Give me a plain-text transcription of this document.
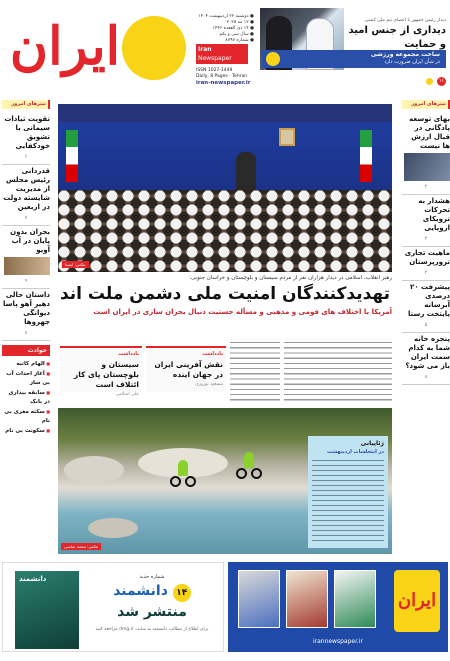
ایران	● دوشنبه ۲۲ اردیبهشت ۱۴۰۴
● ۱۲ مه ۲۰۲۵
● ۱۴ ذی القعده ۱۴۴۶
● سال سی و یکم
● شماره ۸۷۹۷
Iran
Newspaper
ISSN 1027-1449
Daily, 8 Pages · Tehran
iran-newspaper.ir
دیدار رئیس جمهور با اعضای تیم ملی کشتی
دیداری از جنس امید و حمایت
ساخت مجموعه ورزشی
در شأن ایران ضرورت دارد
۱۱
تیترهای امروز
بهای توسعه پادگانی در قبال ارزش ها نیست
۲
هشدار به تحرکات ترویکای اروپایی
۳
ماهیت تجاری ترورپرستان
۴
پیشرفت ۲۰ درصدی آبرسانه پایتخت رستا
۵
پنجره خانه شما به کدام سمت ایران باز می شود؟
۸
تیترهای امروز
تقویت تیادات سیمانی با تشویق خودکفایی
۶
قدردانی رئیس مجلس از مدیریت شایسته دولت در اربعین
۷
بحران بدون پایان در آب آویو
۹
داستان حالی دهیر آهو پاسا دیوانگی جهروها
۸
حوادث
■ الهام کاتبه
■ آغاز احداث آب بی ساز
■ سابقه بیداری در بانک
■ سکته مغزی بی نام
■ سکونت بی نام
عکس: ایسنا
رهبر انقلاب، اسلامی در دیدار هزاران نفر از مردم سیستان و بلوچستان و خراسان جنوبی:
تهدیدکنندگان امنیت ملی دشمن ملت اند
آمریکا با اختلاف های قومی و مذهبی و مسأله جستیت دنبال بحران سازی در ایران است
یادداشت
نقش آفرینی ایران در جهان اینده
مسعود نوروزی
یادداشت
سیستان و بلوچستان پای کار ائتلاف است
علی اسلامی
ژئاپیانی
در ایتخلسات اردیبهشت
عکس: محمد عباسی
دانشمند	شماره جدید
۱۴ دانشمند
منتشر شد
برای اطلاع از مطالب دانشمند به سایت dmg.ir مراجعه کنید
ایران
irannewspaper.ir
